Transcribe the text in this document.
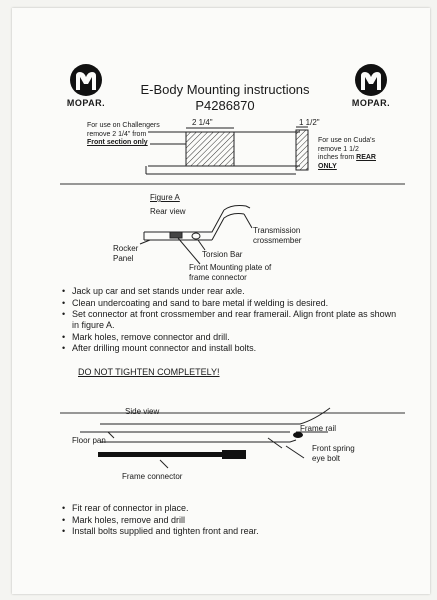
MOPAR.	MOPAR.
E-Body Mounting instructions
P4286870
For use on Challengers
remove 2 1/4" from
Front section only
2 1/4"	1 1/2"
For use on Cuda's
remove 1 1/2
inches from REAR
ONLY
Figure A
Rear view
Transmission
crossmember
Rocker
Panel	Torsion Bar
Front Mounting plate of
frame connector
• Jack up car and set stands under rear axle.
• Clean undercoating and sand to bare metal if welding is desired.
• Set connector at front crossmember and rear framerail. Align front plate as shown in figure A.
• Mark holes, remove connector and drill.
• After drilling mount connector and install bolts.
DO NOT TIGHTEN COMPLETELY!
Side view
Floor pan
Frame rail
Front spring
eye bolt
Frame connector
• Fit rear of connector in place.
• Mark holes, remove and drill
• Install bolts supplied and tighten front and rear.
